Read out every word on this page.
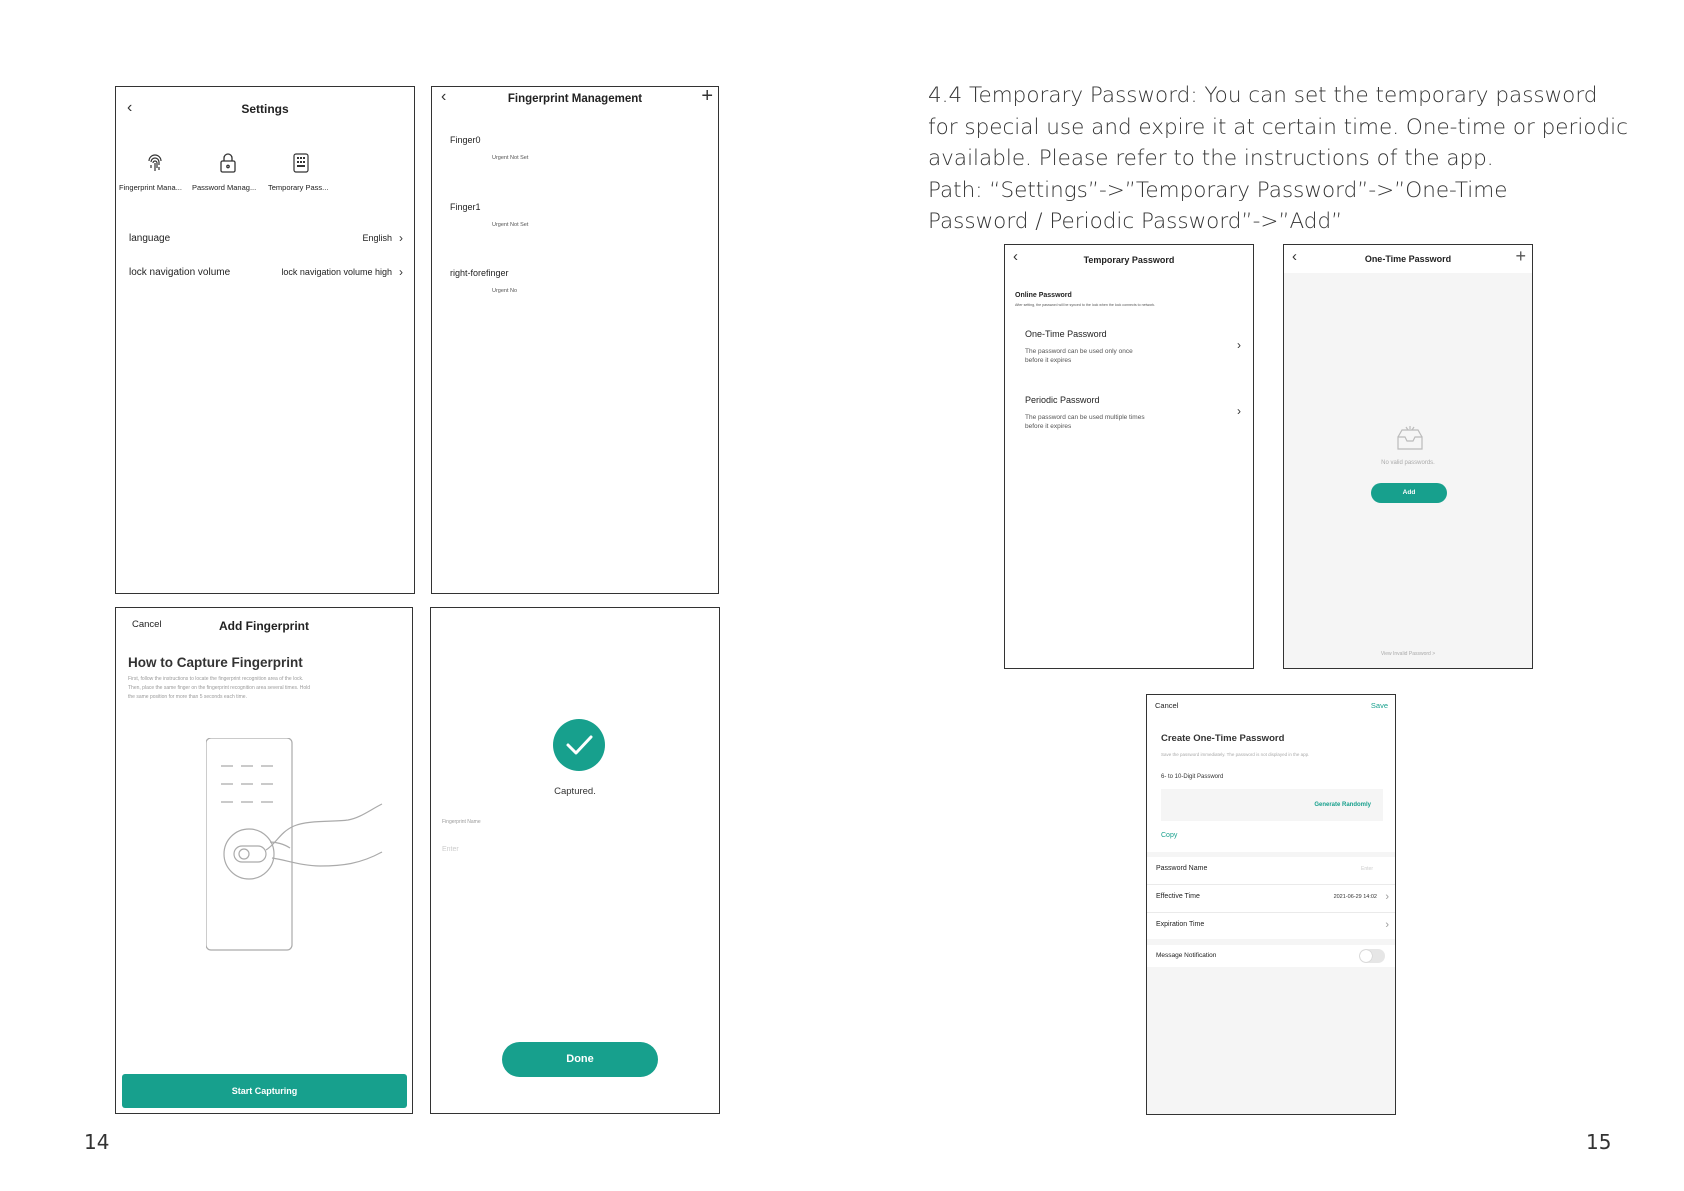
14	15
4.4 Temporary Password: You can set the temporary password
for special use and expire it at certain time. One-time or periodic
available. Please refer to the instructions of the app.
Path: “Settings”->”Temporary Password”->”One-Time
Password / Periodic Password”->”Add”
‹	Settings
Fingerprint Mana...	Password Manag...	Temporary Pass...
language	English ›
lock navigation volume	lock navigation volume high ›
‹	Fingerprint Management	+
Finger0
Urgent Not Set
Finger1
Urgent Not Set
right-forefinger
Urgent No
Cancel	Add Fingerprint
How to Capture Fingerprint
First, follow the instructions to locate the fingerprint recognition area of the lock.
Then, place the same finger on the fingerprint recognition area several times. Hold
the same position for more than 5 seconds each time.
Start Capturing
Captured.
Fingerprint Name
Enter
Done
‹	Temporary Password
Online Password
After setting, the password will be synced to the lock when the lock connects to network.
One-Time Password
The password can be used only once
before it expires
›
Periodic Password
The password can be used multiple times
before it expires
›
‹	One-Time Password	+
No valid passwords.
Add
View Invalid Password >
Cancel	Save
Create One-Time Password
Save the password immediately. The password is not displayed in the app.
6- to 10-Digit Password
Generate Randomly
Copy
Password Name	Enter
Effective Time	2021-06-29 14:02 ›
Expiration Time	›
Message Notification
